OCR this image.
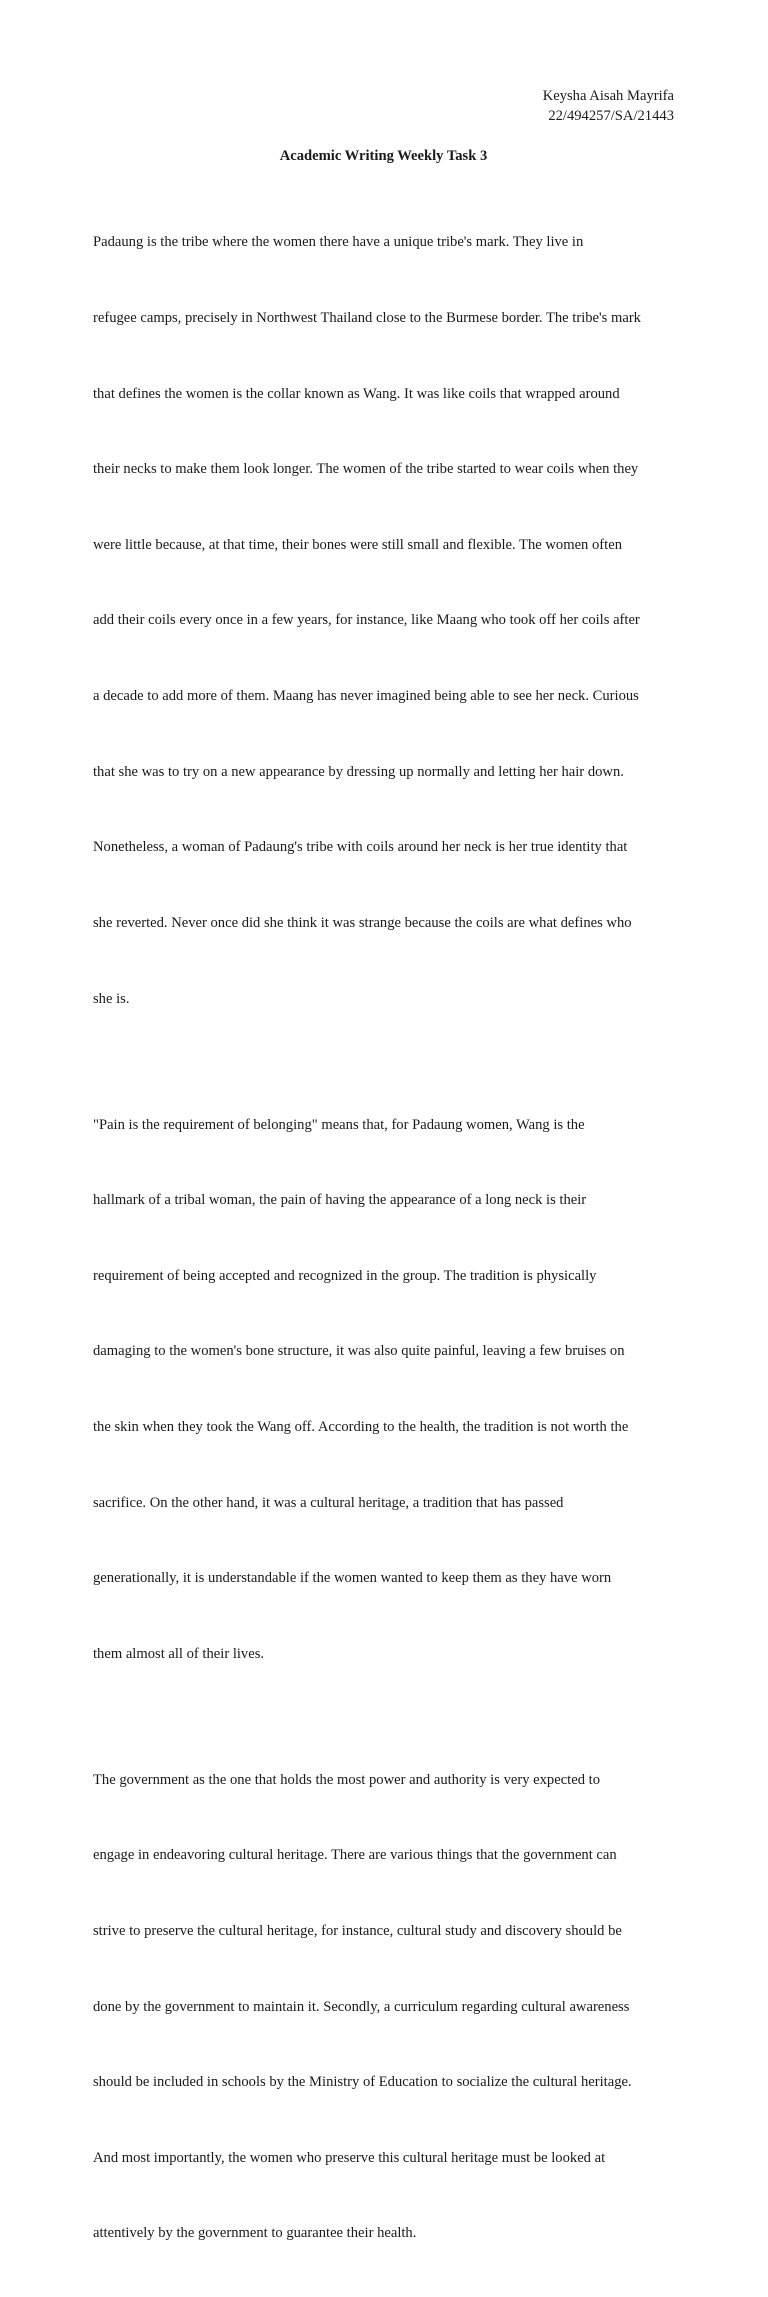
Keysha Aisah Mayrifa
22/494257/SA/21443
Academic Writing Weekly Task 3

Padaung is the tribe where the women there have a unique tribe's mark. They live in

refugee camps, precisely in Northwest Thailand close to the Burmese border. The tribe's mark

that defines the women is the collar known as Wang. It was like coils that wrapped around

their necks to make them look longer. The women of the tribe started to wear coils when they

were little because, at that time, their bones were still small and flexible. The women often

add their coils every once in a few years, for instance, like Maang who took off her coils after

a decade to add more of them. Maang has never imagined being able to see her neck. Curious

that she was to try on a new appearance by dressing up normally and letting her hair down.

Nonetheless, a woman of Padaung's tribe with coils around her neck is her true identity that

she reverted. Never once did she think it was strange because the coils are what defines who

she is.

"Pain is the requirement of belonging" means that, for Padaung women, Wang is the

hallmark of a tribal woman, the pain of having the appearance of a long neck is their

requirement of being accepted and recognized in the group. The tradition is physically

damaging to the women's bone structure, it was also quite painful, leaving a few bruises on

the skin when they took the Wang off. According to the health, the tradition is not worth the

sacrifice. On the other hand, it was a cultural heritage, a tradition that has passed

generationally, it is understandable if the women wanted to keep them as they have worn

them almost all of their lives.

The government as the one that holds the most power and authority is very expected to

engage in endeavoring cultural heritage. There are various things that the government can

strive to preserve the cultural heritage, for instance, cultural study and discovery should be

done by the government to maintain it. Secondly, a curriculum regarding cultural awareness

should be included in schools by the Ministry of Education to socialize the cultural heritage.

And most importantly, the women who preserve this cultural heritage must be looked at

attentively by the government to guarantee their health.
